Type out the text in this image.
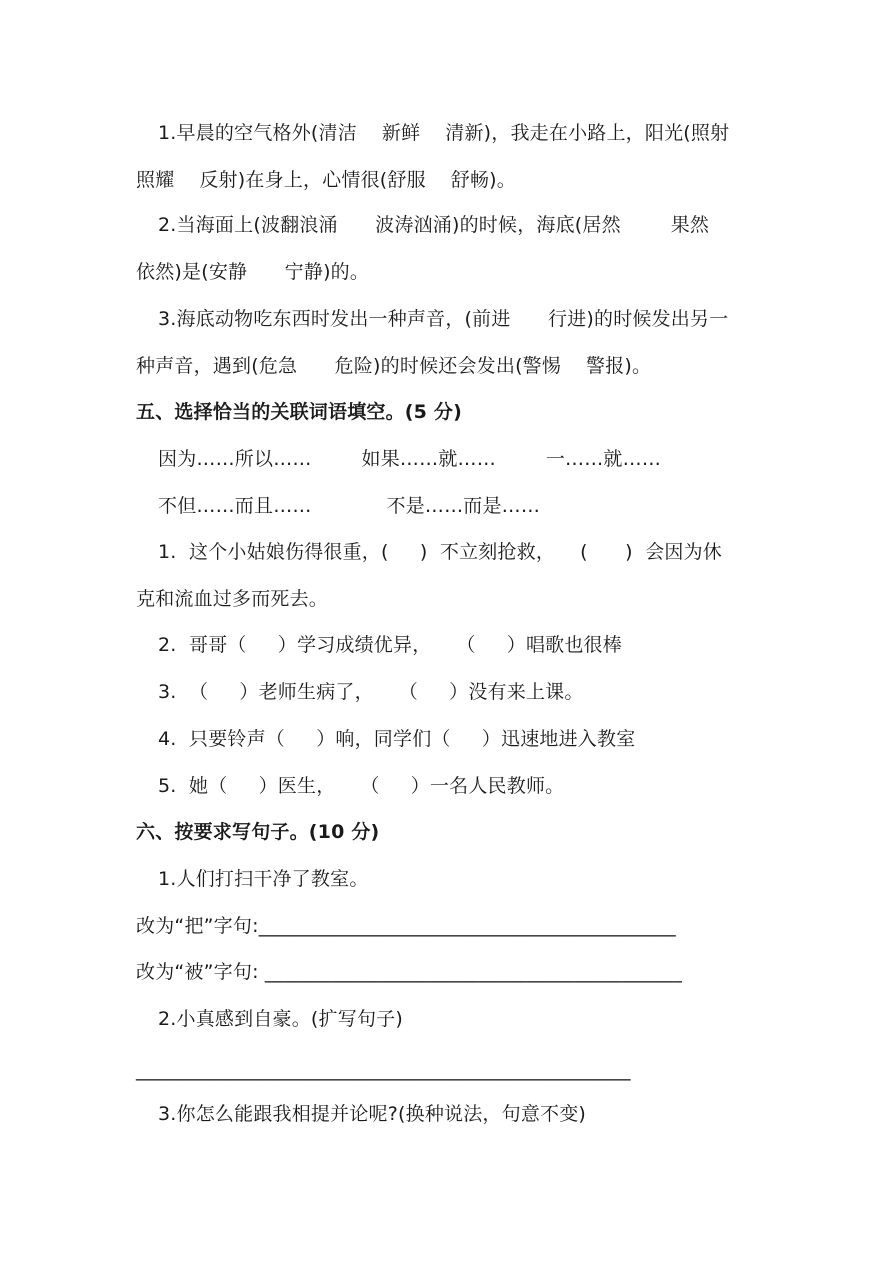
1.早晨的空气格外(清洁    新鲜    清新)，我走在小路上，阳光(照射
照耀    反射)在身上，心情很(舒服    舒畅)。
2.当海面上(波翻浪涌      波涛汹涌)的时候，海底(居然        果然
依然)是(安静      宁静)的。
3.海底动物吃东西时发出一种声音，(前进      行进)的时候发出另一
种声音，遇到(危急      危险)的时候还会发出(警惕    警报)。
五、选择恰当的关联词语填空。(5 分)
因为……所以……        如果……就……        一……就……
不但……而且……            不是……而是……
1.  这个小姑娘伤得很重，(     )  不立刻抢救，    (      )  会因为休
克和流血过多而死去。
2.  哥哥（     ）学习成绩优异，    （     ）唱歌也很棒
3.  （     ）老师生病了，    （     ）没有来上课。
4.  只要铃声（     ）响，同学们（     ）迅速地进入教室
5.  她（     ）医生，    （     ）一名人民教师。
六、按要求写句子。(10 分)
1.人们打扫干净了教室。
改为“把”字句:___________________________________________
改为“被”字句: ___________________________________________
2.小真感到自豪。(扩写句子)
___________________________________________________
3.你怎么能跟我相提并论呢?(换种说法，句意不变)
